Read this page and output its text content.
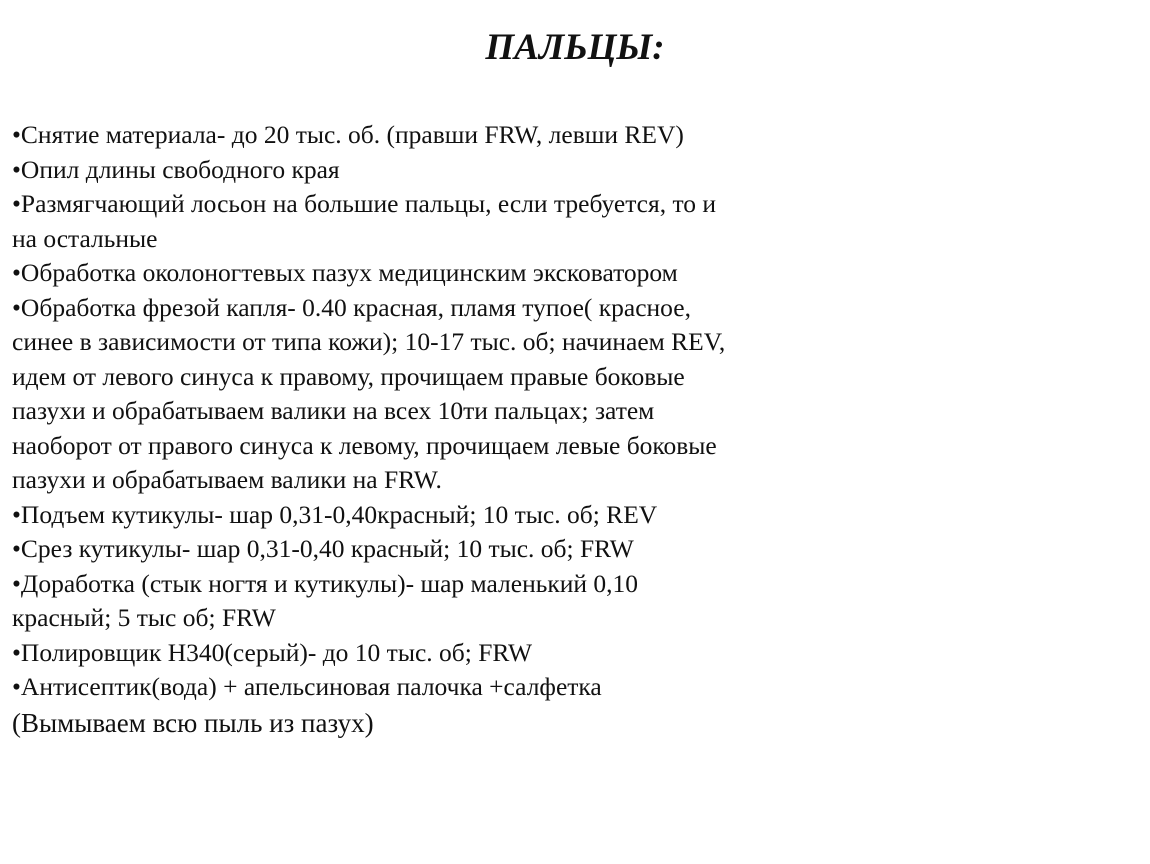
ПАЛЬЦЫ:
•Снятие материала- до 20 тыс. об. (правши FRW, левши REV)
•Опил длины свободного края
•Размягчающий лосьон на большие пальцы, если требуется, то и
на остальные
•Обработка околоногтевых пазух медицинским эксковатором
•Обработка фрезой капля- 0.40 красная, пламя тупое( красное,
синее в зависимости от типа кожи); 10-17 тыс. об; начинаем REV,
идем от левого синуса к правому, прочищаем правые боковые
пазухи и обрабатываем валики на всех 10ти пальцах; затем
наоборот от правого синуса к левому, прочищаем левые боковые
пазухи и обрабатываем валики на FRW.
•Подъем кутикулы- шар 0,31-0,40красный; 10 тыс. об; REV
•Срез кутикулы- шар 0,31-0,40 красный; 10 тыс. об; FRW
•Доработка (стык ногтя и кутикулы)- шар маленький 0,10
красный; 5 тыс об; FRW
•Полировщик Н340(серый)- до 10 тыс. об; FRW
•Антисептик(вода) + апельсиновая палочка +салфетка
(Вымываем всю пыль из пазух)
